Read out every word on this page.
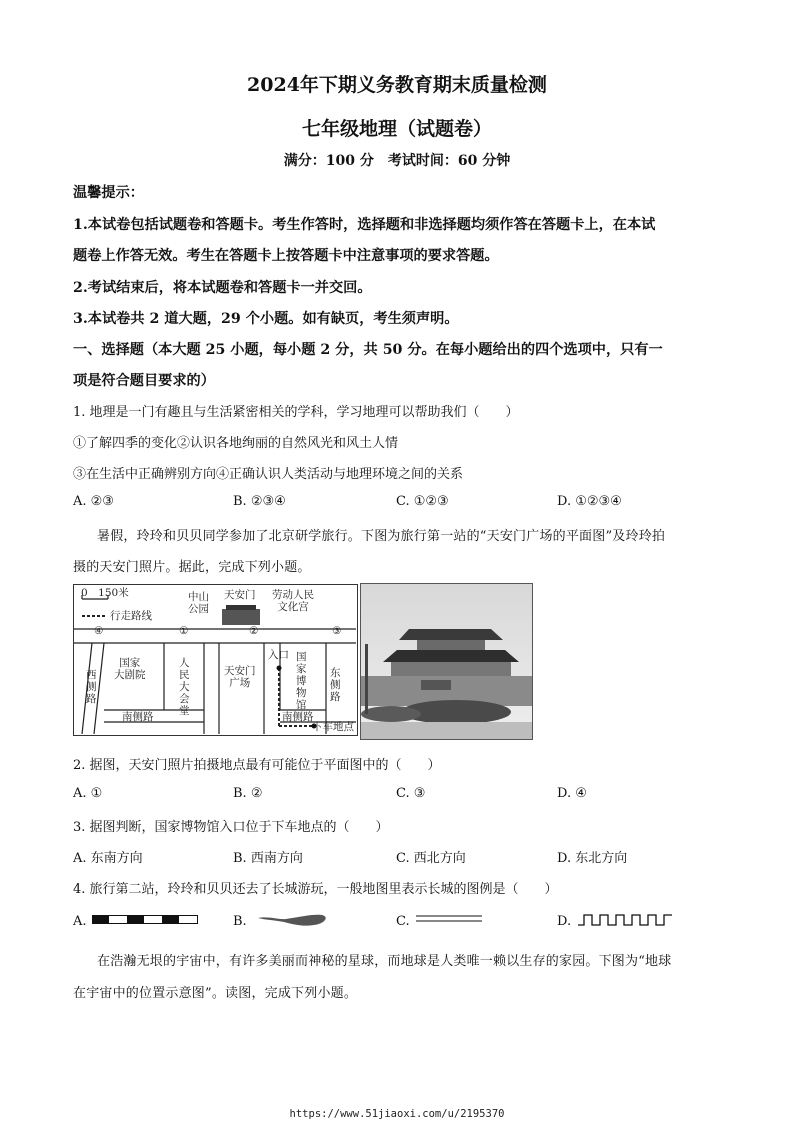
2024年下期义务教育期末质量检测
七年级地理（试题卷）
满分：100 分　考试时间：60 分钟
温馨提示：
1.本试卷包括试题卷和答题卡。考生作答时，选择题和非选择题均须作答在答题卡上，在本试
题卷上作答无效。考生在答题卡上按答题卡中注意事项的要求答题。
2.考试结束后，将本试题卷和答题卡一并交回。
3.本试卷共 2 道大题，29 个小题。如有缺页，考生须声明。
一、选择题（本大题 25 小题，每小题 2 分，共 50 分。在每小题给出的四个选项中，只有一
项是符合题目要求的）
1. 地理是一门有趣且与生活紧密相关的学科，学习地理可以帮助我们（　　）
①了解四季的变化②认识各地绚丽的自然风光和风土人情
③在生活中正确辨别方向④正确认识人类活动与地理环境之间的关系
A. ②③	B. ②③④	C. ①②③	D. ①②③④
暑假，玲玲和贝贝同学参加了北京研学旅行。下图为旅行第一站的“天安门广场的平面图”及玲玲拍
摄的天安门照片。据此，完成下列小题。
0　150米
行走路线
中山
公园
天安门 劳动人民
文化宫
④	①	②	③
西
侧
路
国家
大剧院
人
民
大
会
堂
天安门
广场
入口 国
家
博
物
馆
东
侧
路
南侧路	南侧路
下车地点
2. 据图，天安门照片拍摄地点最有可能位于平面图中的（　　）
A. ①	B. ②	C. ③	D. ④
3. 据图判断，国家博物馆入口位于下车地点的（　　）
A. 东南方向	B. 西南方向	C. 西北方向	D. 东北方向
4. 旅行第二站，玲玲和贝贝还去了长城游玩，一般地图里表示长城的图例是（　　）
A.	B.	C.	D.
在浩瀚无垠的宇宙中，有许多美丽而神秘的星球，而地球是人类唯一赖以生存的家园。下图为“地球
在宇宙中的位置示意图”。读图，完成下列小题。
https://www.51jiaoxi.com/u/2195370
